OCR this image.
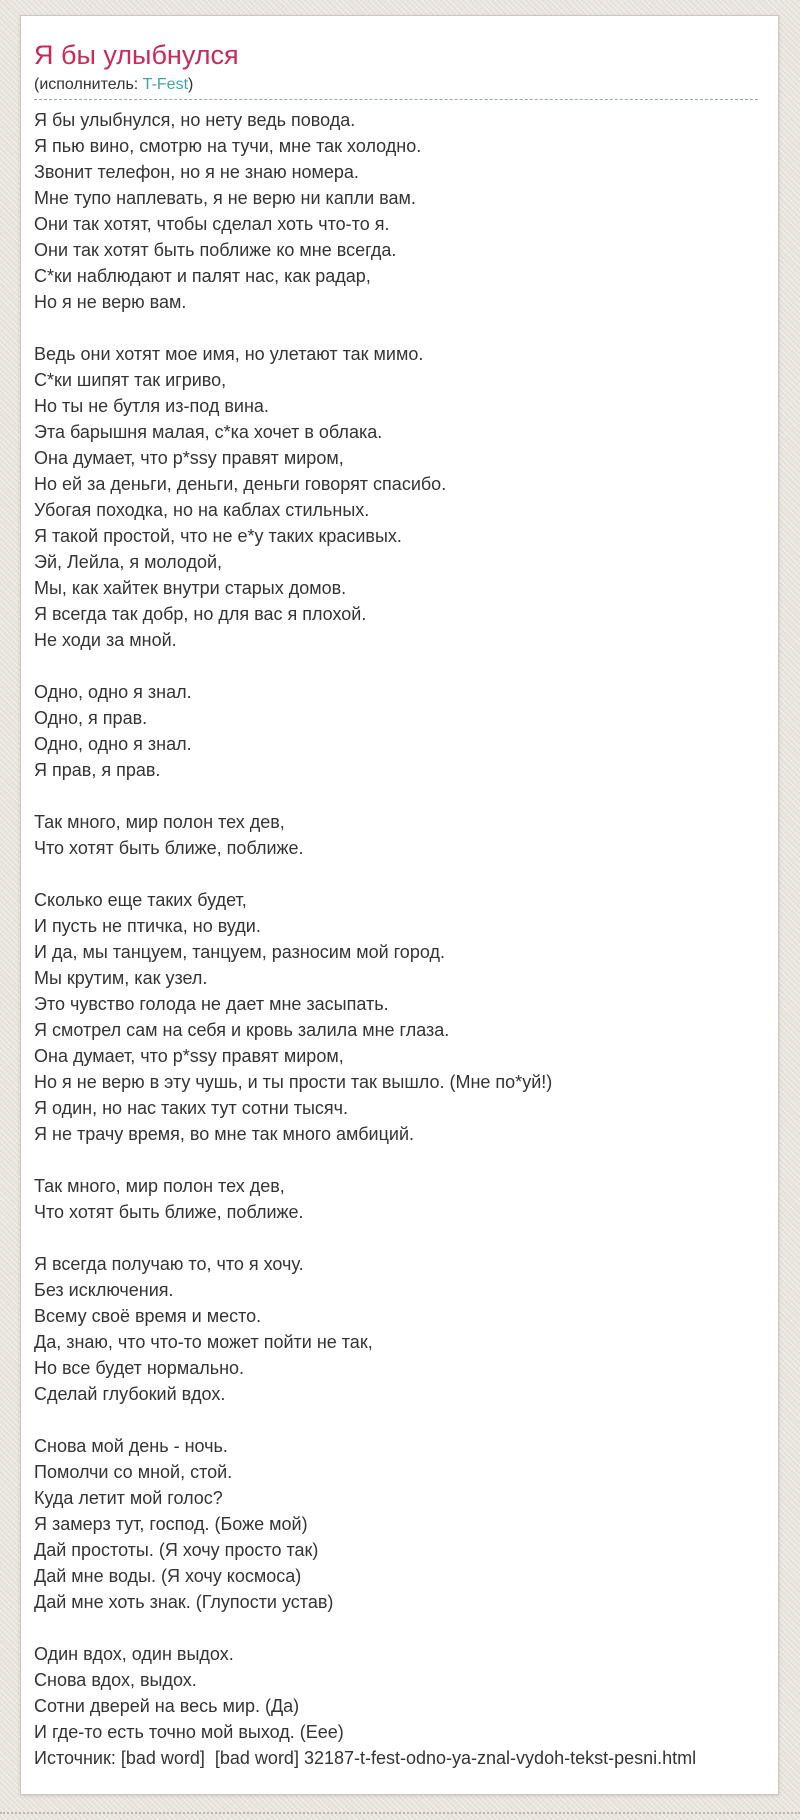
Я бы улыбнулся
(исполнитель: T-Fest)
Я бы улыбнулся, но нету ведь повода.
Я пью вино, смотрю на тучи, мне так холодно.
Звонит телефон, но я не знаю номера.
Мне тупо наплевать, я не верю ни капли вам.
Они так хотят, чтобы сделал хоть что-то я.
Они так хотят быть поближе ко мне всегда.
С*ки наблюдают и палят нас, как радар,
Но я не верю вам.
Ведь они хотят мое имя, но улетают так мимо.
С*ки шипят так игриво,
Но ты не бутля из-под вина.
Эта барышня малая, с*ка хочет в облака.
Она думает, что p*ssy правят миром,
Но ей за деньги, деньги, деньги говорят спасибо.
Убогая походка, но на каблах стильных.
Я такой простой, что не е*у таких красивых.
Эй, Лейла, я молодой,
Мы, как хайтек внутри старых домов.
Я всегда так добр, но для вас я плохой.
Не ходи за мной.
Одно, одно я знал.
Одно, я прав.
Одно, одно я знал.
Я прав, я прав.
Так много, мир полон тех дев,
Что хотят быть ближе, поближе.
Сколько еще таких будет,
И пусть не птичка, но вуди.
И да, мы танцуем, танцуем, разносим мой город.
Мы крутим, как узел.
Это чувство голода не дает мне засыпать.
Я смотрел сам на себя и кровь залила мне глаза.
Она думает, что p*ssy правят миром,
Но я не верю в эту чушь, и ты прости так вышло. (Мне по*уй!)
Я один, но нас таких тут сотни тысяч.
Я не трачу время, во мне так много амбиций.
Так много, мир полон тех дев,
Что хотят быть ближе, поближе.
Я всегда получаю то, что я хочу.
Без исключения.
Всему своё время и место.
Да, знаю, что что-то может пойти не так,
Но все будет нормально.
Сделай глубокий вдох.
Снова мой день - ночь.
Помолчи со мной, стой.
Куда летит мой голос?
Я замерз тут, господ. (Боже мой)
Дай простоты. (Я хочу просто так)
Дай мне воды. (Я хочу космоса)
Дай мне хоть знак. (Глупости устав)
Один вдох, один выдох.
Снова вдох, выдох.
Сотни дверей на весь мир. (Да)
И где-то есть точно мой выход. (Еее)
Источник: [bad word]  [bad word] 32187-t-fest-odno-ya-znal-vydoh-tekst-pesni.html
